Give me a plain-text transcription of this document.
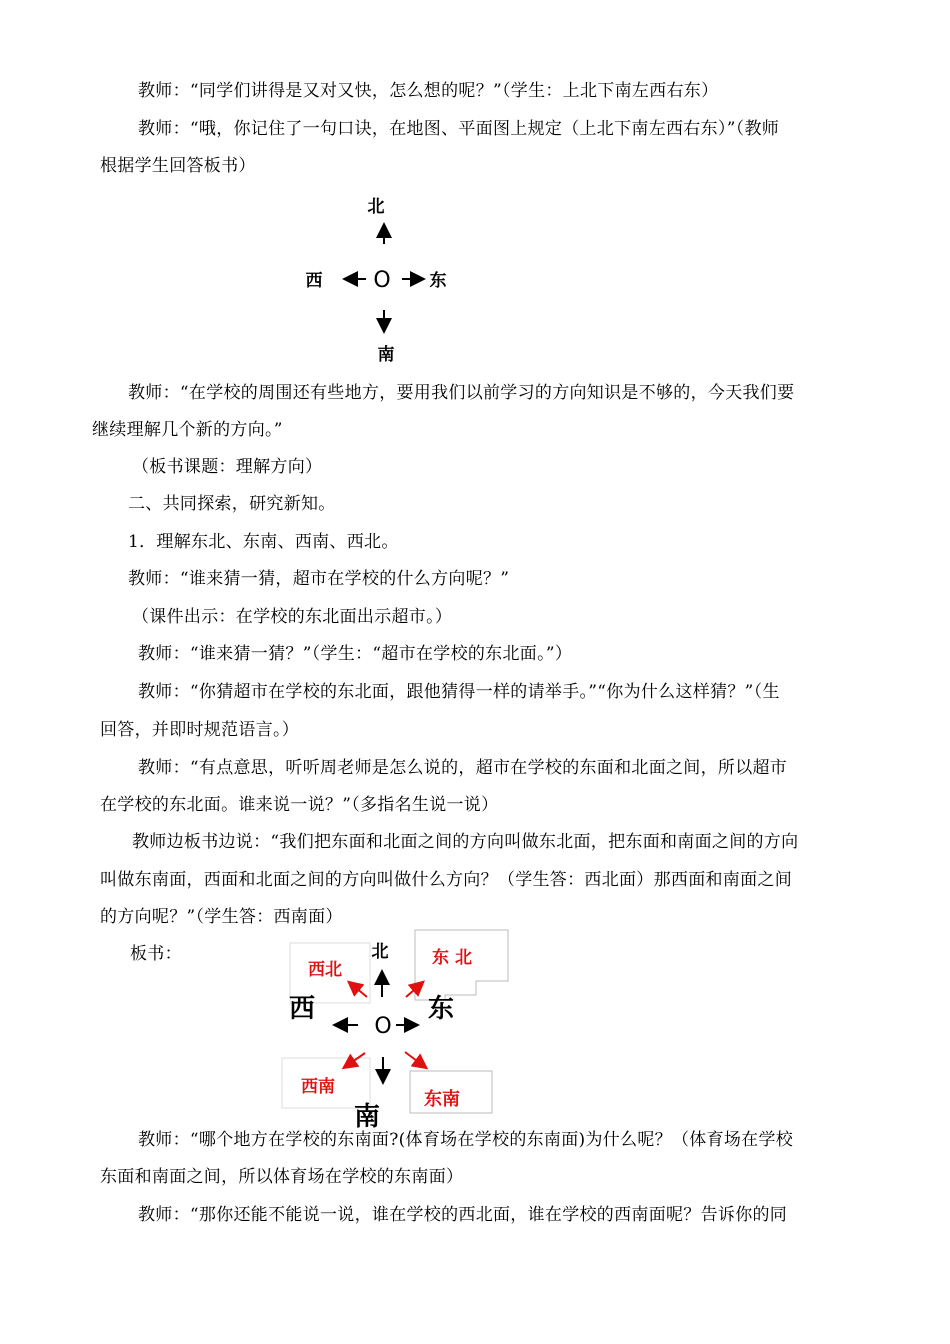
教师：“同学们讲得是又对又快，怎么想的呢？”（学生：上北下南左西右东）
教师：“哦，你记住了一句口诀，在地图、平面图上规定（上北下南左西右东）”（教师
根据学生回答板书）
北
O
西	东
南
教师：“在学校的周围还有些地方，要用我们以前学习的方向知识是不够的，今天我们要
继续理解几个新的方向。”
（板书课题：理解方向）
二、共同探索，研究新知。
1．理解东北、东南、西南、西北。
教师：“谁来猜一猜，超市在学校的什么方向呢？”
（课件出示：在学校的东北面出示超市。）
教师：“谁来猜一猜？”（学生：“超市在学校的东北面。”）
教师：“你猜超市在学校的东北面，跟他猜得一样的请举手。”“你为什么这样猜？”（生
回答，并即时规范语言。）
教师：“有点意思，听听周老师是怎么说的，超市在学校的东面和北面之间，所以超市
在学校的东北面。谁来说一说？”（多指名生说一说）
教师边板书边说：“我们把东面和北面之间的方向叫做东北面，把东面和南面之间的方向
叫做东南面，西面和北面之间的方向叫做什么方向？（学生答：西北面）那西面和南面之间
的方向呢？”（学生答：西南面）
板书：
西北
东 北
西南
东南
北
西
O
东
南
教师：“哪个地方在学校的东南面?(体育场在学校的东南面)为什么呢？（体育场在学校
东面和南面之间，所以体育场在学校的东南面）
教师：“那你还能不能说一说，谁在学校的西北面，谁在学校的西南面呢？告诉你的同
